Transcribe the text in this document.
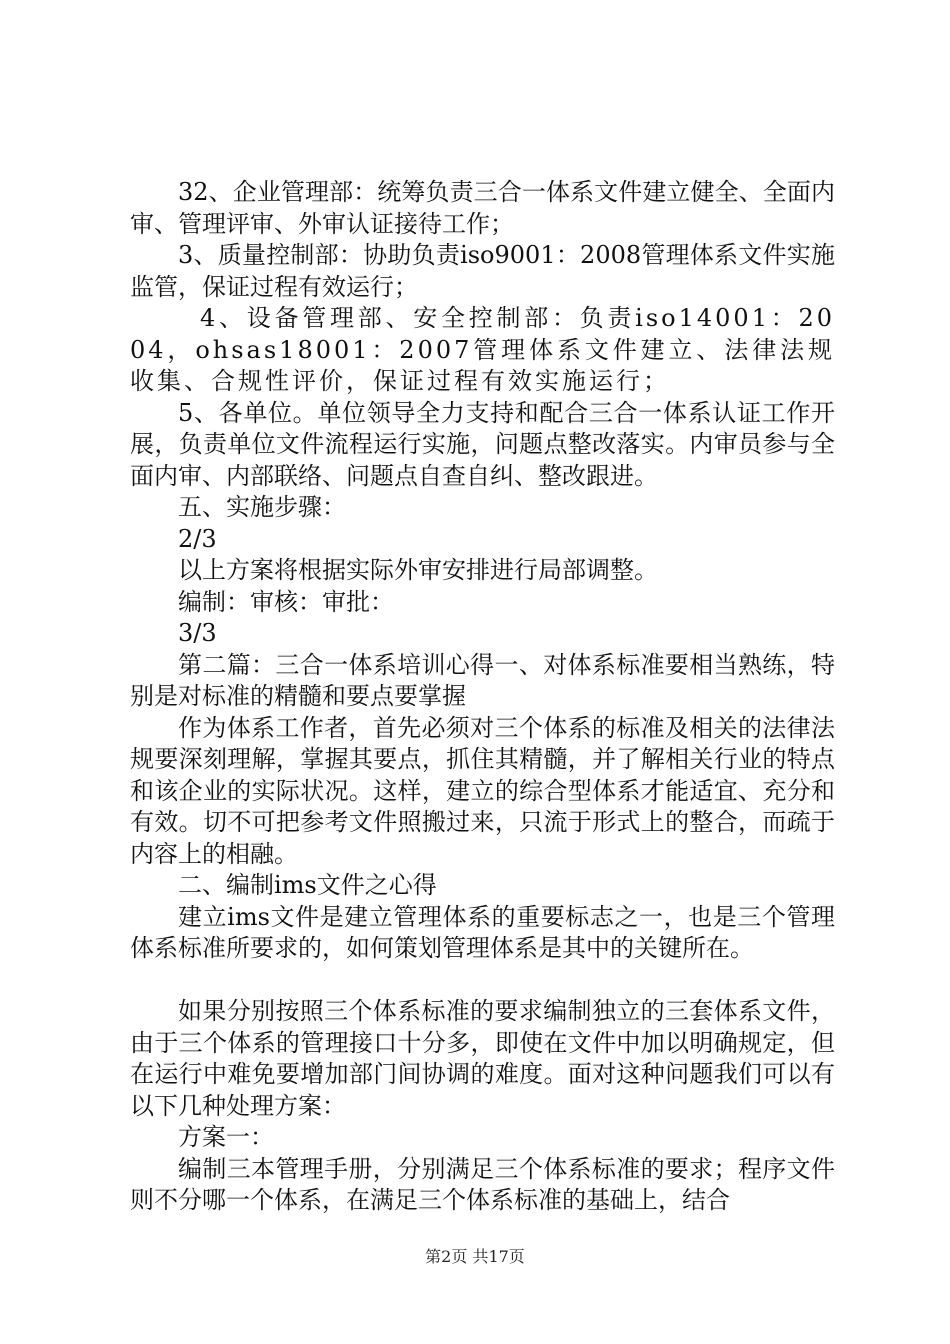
32、企业管理部：统筹负责三合一体系文件建立健全、全面内审、管理评审、外审认证接待工作；

3、质量控制部：协助负责iso9001：2008管理体系文件实施监管，保证过程有效运行；

4、设备管理部、安全控制部：负责iso14001：2004，ohsas18001：2007管理体系文件建立、法律法规收集、合规性评价，保证过程有效实施运行；

5、各单位。单位领导全力支持和配合三合一体系认证工作开展，负责单位文件流程运行实施，问题点整改落实。内审员参与全面内审、内部联络、问题点自查自纠、整改跟进。

五、实施步骤：

2/3

以上方案将根据实际外审安排进行局部调整。

编制：审核：审批：

3/3

第二篇：三合一体系培训心得一、对体系标准要相当熟练，特别是对标准的精髓和要点要掌握

作为体系工作者，首先必须对三个体系的标准及相关的法律法规要深刻理解，掌握其要点，抓住其精髓，并了解相关行业的特点和该企业的实际状况。这样，建立的综合型体系才能适宜、充分和有效。切不可把参考文件照搬过来，只流于形式上的整合，而疏于内容上的相融。

二、编制ims文件之心得

建立ims文件是建立管理体系的重要标志之一，也是三个管理体系标准所要求的，如何策划管理体系是其中的关键所在。

如果分别按照三个体系标准的要求编制独立的三套体系文件，由于三个体系的管理接口十分多，即使在文件中加以明确规定，但在运行中难免要增加部门间协调的难度。面对这种问题我们可以有以下几种处理方案：

方案一：

编制三本管理手册，分别满足三个体系标准的要求；程序文件则不分哪一个体系，在满足三个体系标准的基础上，结合

第2页 共17页
